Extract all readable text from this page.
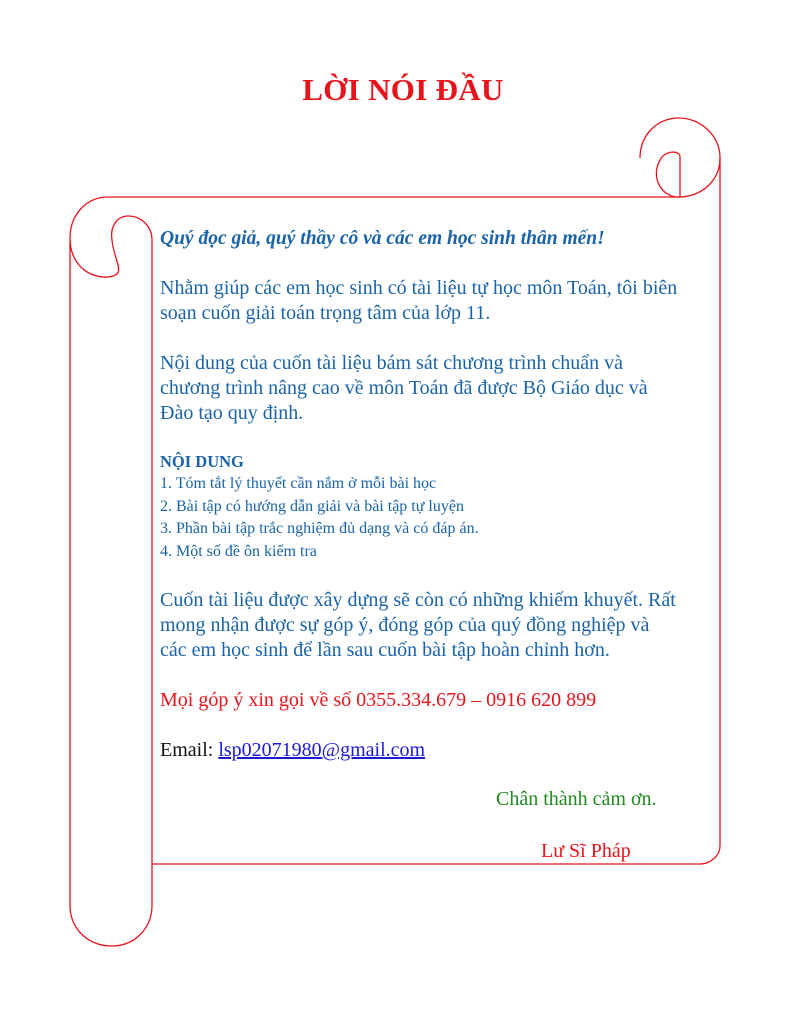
LỜI NÓI ĐẦU

Quý đọc giả, quý thầy cô và các em học sinh thân mến!

Nhằm giúp các em học sinh có tài liệu tự học môn Toán, tôi biên soạn cuốn giải toán trọng tâm của lớp 11.

Nội dung của cuốn tài liệu bám sát chương trình chuẩn và chương trình nâng cao về môn Toán đã được Bộ Giáo dục và Đào tạo quy định.

NỘI DUNG

1. Tóm tắt lý thuyết cần nắm ở mỗi bài học

2. Bài tập có hướng dẫn giải và bài tập tự luyện

3. Phần bài tập trắc nghiệm đủ dạng và có đáp án.

4. Một số đề ôn kiểm tra

Cuốn tài liệu được xây dựng sẽ còn có những khiếm khuyết. Rất mong nhận được sự góp ý, đóng góp của quý đồng nghiệp và các em học sinh để lần sau cuốn bài tập hoàn chỉnh hơn.

Mọi góp ý xin gọi về số 0355.334.679 – 0916 620 899

Email: lsp02071980@gmail.com

Chân thành cảm ơn.
Lư Sĩ Pháp
